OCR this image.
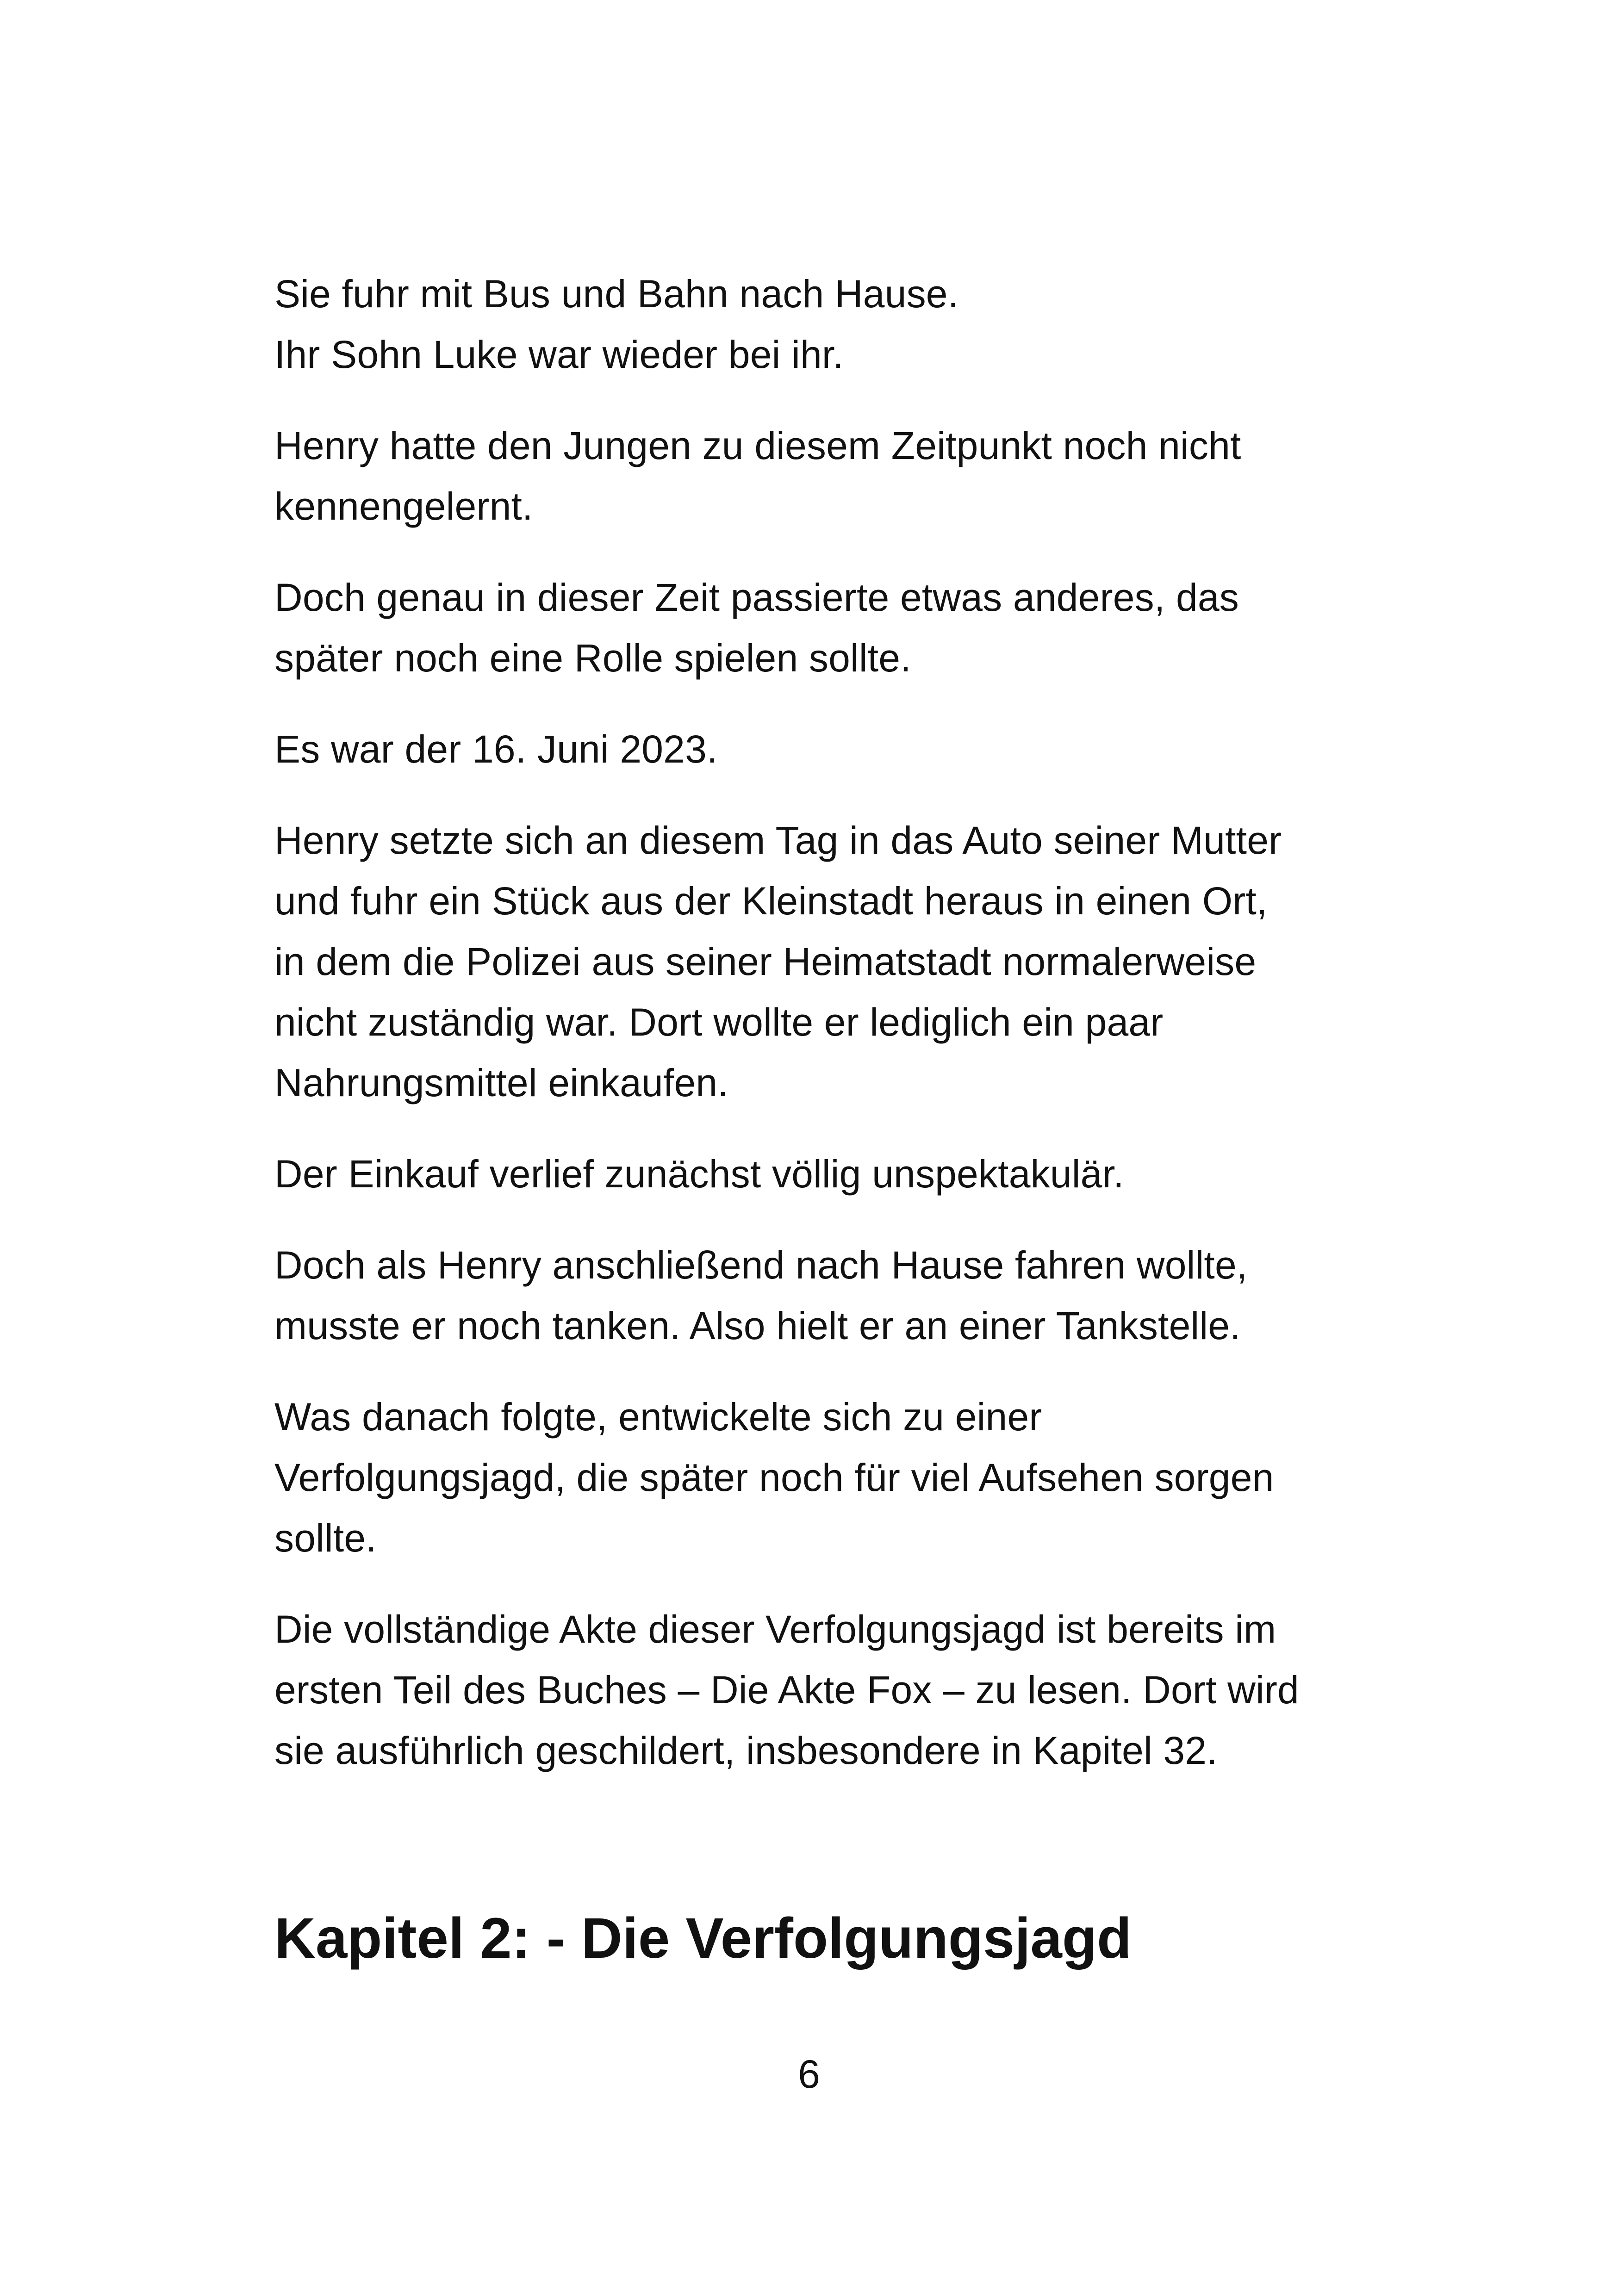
Sie fuhr mit Bus und Bahn nach Hause.
Ihr Sohn Luke war wieder bei ihr.

Henry hatte den Jungen zu diesem Zeitpunkt noch nicht
kennengelernt.

Doch genau in dieser Zeit passierte etwas anderes, das
später noch eine Rolle spielen sollte.

Es war der 16. Juni 2023.

Henry setzte sich an diesem Tag in das Auto seiner Mutter
und fuhr ein Stück aus der Kleinstadt heraus in einen Ort,
in dem die Polizei aus seiner Heimatstadt normalerweise
nicht zuständig war. Dort wollte er lediglich ein paar
Nahrungsmittel einkaufen.

Der Einkauf verlief zunächst völlig unspektakulär.

Doch als Henry anschließend nach Hause fahren wollte,
musste er noch tanken. Also hielt er an einer Tankstelle.

Was danach folgte, entwickelte sich zu einer
Verfolgungsjagd, die später noch für viel Aufsehen sorgen
sollte.

Die vollständige Akte dieser Verfolgungsjagd ist bereits im
ersten Teil des Buches – Die Akte Fox – zu lesen. Dort wird
sie ausführlich geschildert, insbesondere in Kapitel 32.

Kapitel 2: - Die Verfolgungsjagd
6
